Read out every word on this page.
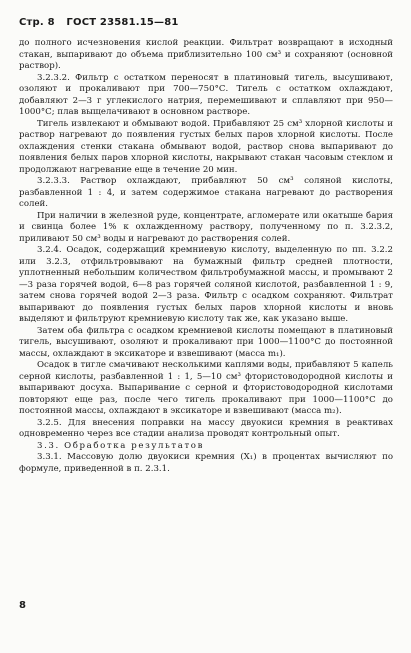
Стр. 8 ГОСТ 23581.15—81

до полного исчезновения кислой реакции. Фильтрат возвращают в исходный стакан, выпаривают до объема приблизительно 100 см³ и сохраняют (основной раствор).

3.2.3.2. Фильтр с остатком переносят в платиновый тигель, высушивают, озоляют и прокаливают при 700—750°С. Тигель с остатком охлаждают, добавляют 2—3 г углекислого натрия, перемешивают и сплавляют при 950—1000°С; плав выщелачивают в основном растворе.

Тигель извлекают и обмывают водой. Прибавляют 25 см³ хлорной кислоты и раствор нагревают до появления густых белых паров хлорной кислоты. После охлаждения стенки стакана обмывают водой, раствор снова выпаривают до появления белых паров хлорной кислоты, накрывают стакан часовым стеклом и продолжают нагревание еще в течение 20 мин.

3.2.3.3. Раствор охлаждают, прибавляют 50 см³ соляной кислоты, разбавленной 1 : 4, и затем содержимое стакана нагревают до растворения солей.

При наличии в железной руде, концентрате, агломерате или окатыше бария и свинца более 1% к охлажденному раствору, полученному по п. 3.2.3.2, приливают 50 см³ воды и нагревают до растворения солей.

3.2.4. Осадок, содержащий кремниевую кислоту, выделенную по пп. 3.2.2 или 3.2.3, отфильтровывают на бумажный фильтр средней плотности, уплотненный небольшим количеством фильтробумажной массы, и промывают 2—3 раза горячей водой, 6—8 раз горячей соляной кислотой, разбавленной 1 : 9, затем снова горячей водой 2—3 раза. Фильтр с осадком сохраняют. Фильтрат выпаривают до появления густых белых паров хлорной кислоты и вновь выделяют и фильтруют кремниевую кислоту так же, как указано выше.

Затем оба фильтра с осадком кремниевой кислоты помещают в платиновый тигель, высушивают, озоляют и прокаливают при 1000—1100°С до постоянной массы, охлаждают в эксикаторе и взвешивают (масса m₁).

Осадок в тигле смачивают несколькими каплями воды, прибавляют 5 капель серной кислоты, разбавленной 1 : 1, 5—10 см³ фтористоводородной кислоты и выпаривают досуха. Выпаривание с серной и фтористоводородной кислотами повторяют еще раз, после чего тигель прокаливают при 1000—1100°С до постоянной массы, охлаждают в эксикаторе и взвешивают (масса m₂).

3.2.5. Для внесения поправки на массу двуокиси кремния в реактивах одновременно через все стадии анализа проводят контрольный опыт.

3.3. Обработка результатов

3.3.1. Массовую долю двуокиси кремния (X₁) в процентах вычисляют по формуле, приведенной в п. 2.3.1.

8
